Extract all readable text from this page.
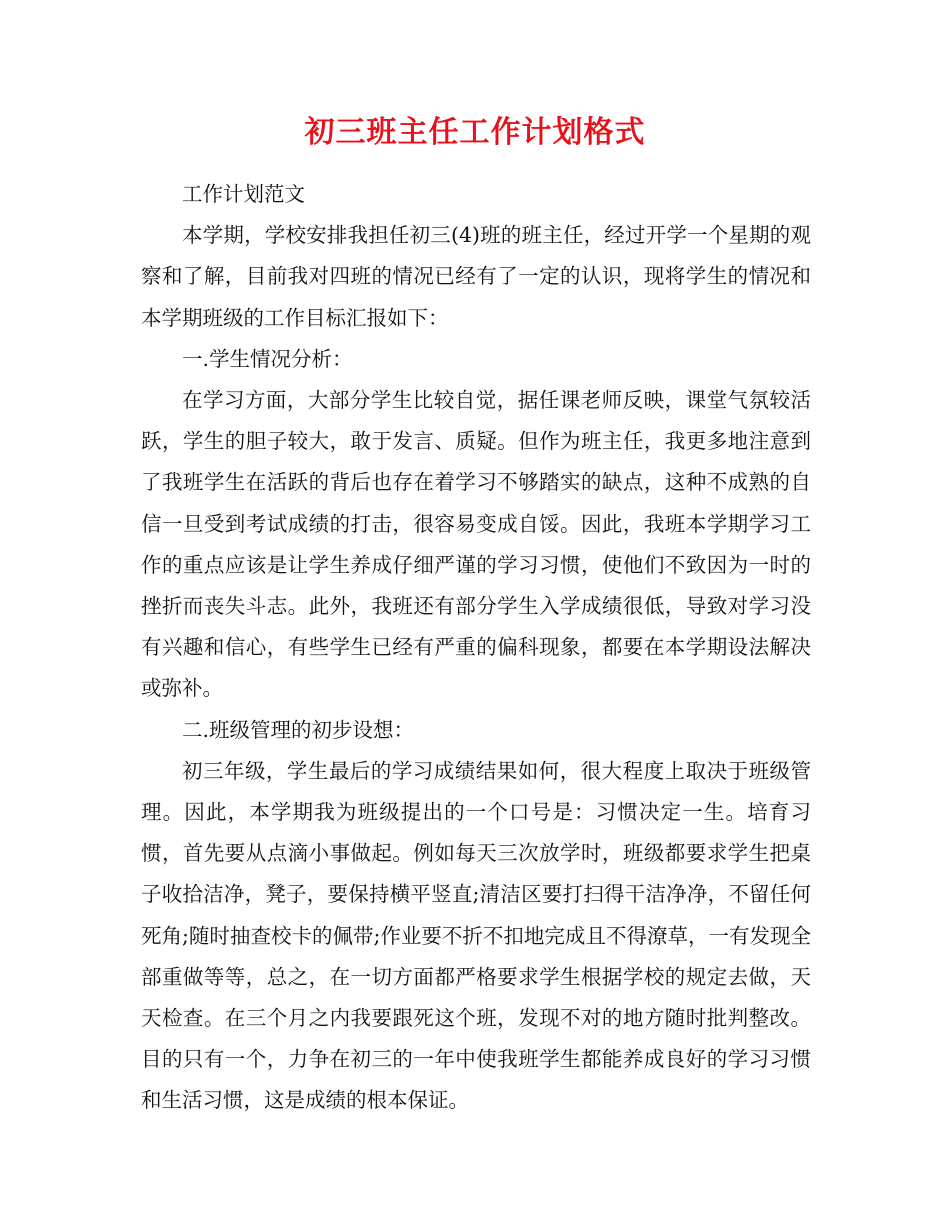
初三班主任工作计划格式

工作计划范文

本学期，学校安排我担任初三(4)班的班主任，经过开学一个星期的观察和了解，目前我对四班的情况已经有了一定的认识，现将学生的情况和本学期班级的工作目标汇报如下：

一.学生情况分析：

在学习方面，大部分学生比较自觉，据任课老师反映，课堂气氛较活跃，学生的胆子较大，敢于发言、质疑。但作为班主任，我更多地注意到了我班学生在活跃的背后也存在着学习不够踏实的缺点，这种不成熟的自信一旦受到考试成绩的打击，很容易变成自馁。因此，我班本学期学习工作的重点应该是让学生养成仔细严谨的学习习惯，使他们不致因为一时的挫折而丧失斗志。此外，我班还有部分学生入学成绩很低，导致对学习没有兴趣和信心，有些学生已经有严重的偏科现象，都要在本学期设法解决或弥补。

二.班级管理的初步设想：

初三年级，学生最后的学习成绩结果如何，很大程度上取决于班级管理。因此，本学期我为班级提出的一个口号是：习惯决定一生。培育习惯，首先要从点滴小事做起。例如每天三次放学时，班级都要求学生把桌子收拾洁净，凳子，要保持横平竖直;清洁区要打扫得干洁净净，不留任何死角;随时抽查校卡的佩带;作业要不折不扣地完成且不得潦草，一有发现全部重做等等，总之，在一切方面都严格要求学生根据学校的规定去做，天天检查。在三个月之内我要跟死这个班，发现不对的地方随时批判整改。目的只有一个，力争在初三的一年中使我班学生都能养成良好的学习习惯和生活习惯，这是成绩的根本保证。
